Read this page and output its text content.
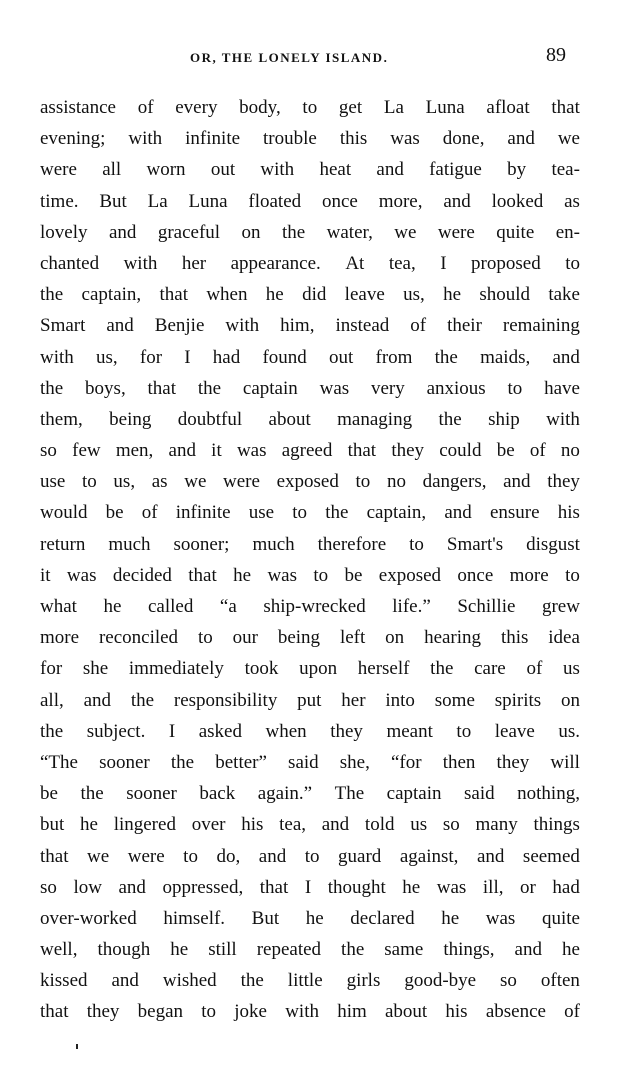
OR, THE LONELY ISLAND.	89
assistance of every body, to get La Luna afloat that
evening; with infinite trouble this was done, and we
were all worn out with heat and fatigue by tea-
time. But La Luna floated once more, and looked as
lovely and graceful on the water, we were quite en-
chanted with her appearance. At tea, I proposed to
the captain, that when he did leave us, he should take
Smart and Benjie with him, instead of their remaining
with us, for I had found out from the maids, and
the boys, that the captain was very anxious to have
them, being doubtful about managing the ship with
so few men, and it was agreed that they could be of no
use to us, as we were exposed to no dangers, and they
would be of infinite use to the captain, and ensure his
return much sooner; much therefore to Smart's disgust
it was decided that he was to be exposed once more to
what he called “a ship-wrecked life.” Schillie grew
more reconciled to our being left on hearing this idea
for she immediately took upon herself the care of us
all, and the responsibility put her into some spirits on
the subject. I asked when they meant to leave us.
“The sooner the better” said she, “for then they will
be the sooner back again.” The captain said nothing,
but he lingered over his tea, and told us so many things
that we were to do, and to guard against, and seemed
so low and oppressed, that I thought he was ill, or had
over-worked himself. But he declared he was quite
well, though he still repeated the same things, and he
kissed and wished the little girls good-bye so often
that they began to joke with him about his absence of
